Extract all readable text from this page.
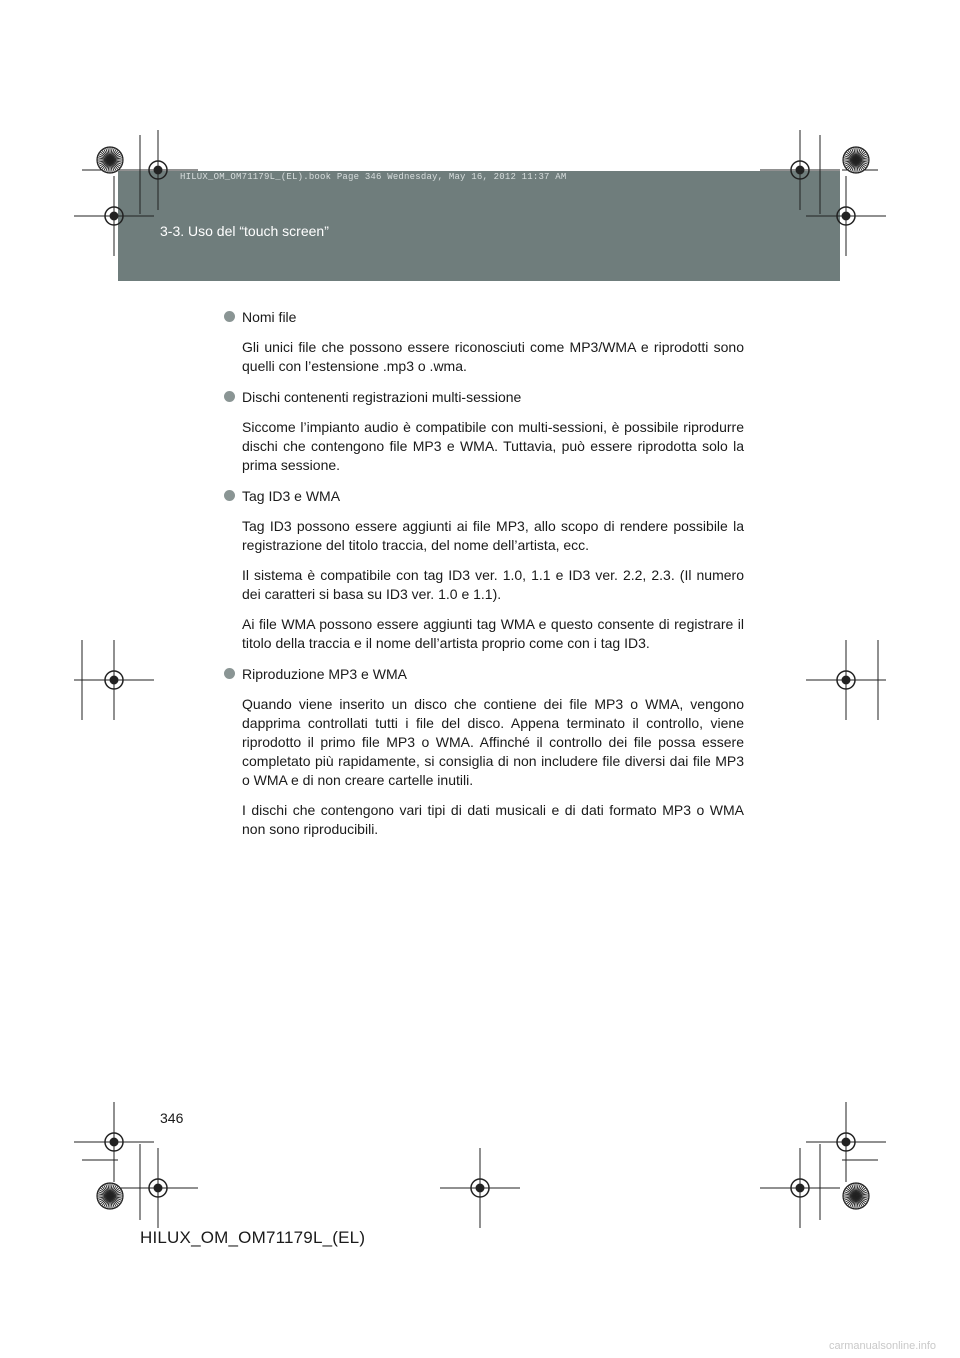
HILUX_OM_OM71179L_(EL).book Page 346 Wednesday, May 16, 2012 11:37 AM
3-3. Uso del “touch screen”
Nomi file

Gli unici file che possono essere riconosciuti come MP3/WMA e riprodotti sono quelli con l’estensione .mp3 o .wma.

Dischi contenenti registrazioni multi-sessione

Siccome l’impianto audio è compatibile con multi-sessioni, è possibile riprodurre dischi che contengono file MP3 e WMA. Tuttavia, può essere riprodotta solo la prima sessione.

Tag ID3 e WMA

Tag ID3 possono essere aggiunti ai file MP3, allo scopo di rendere possibile la registrazione del titolo traccia, del nome dell’artista, ecc.

Il sistema è compatibile con tag ID3 ver. 1.0, 1.1 e ID3 ver. 2.2, 2.3. (Il numero dei caratteri si basa su ID3 ver. 1.0 e 1.1).

Ai file WMA possono essere aggiunti tag WMA e questo consente di registrare il titolo della traccia e il nome dell’artista proprio come con i tag ID3.

Riproduzione MP3 e WMA

Quando viene inserito un disco che contiene dei file MP3 o WMA, vengono dapprima controllati tutti i file del disco. Appena terminato il controllo, viene riprodotto il primo file MP3 o WMA. Affinché il controllo dei file possa essere completato più rapidamente, si consiglia di non includere file diversi dai file MP3 o WMA e di non creare cartelle inutili.

I dischi che contengono vari tipi di dati musicali e di dati formato MP3 o WMA non sono riproducibili.

346
HILUX_OM_OM71179L_(EL)
carmanualsonline.info
